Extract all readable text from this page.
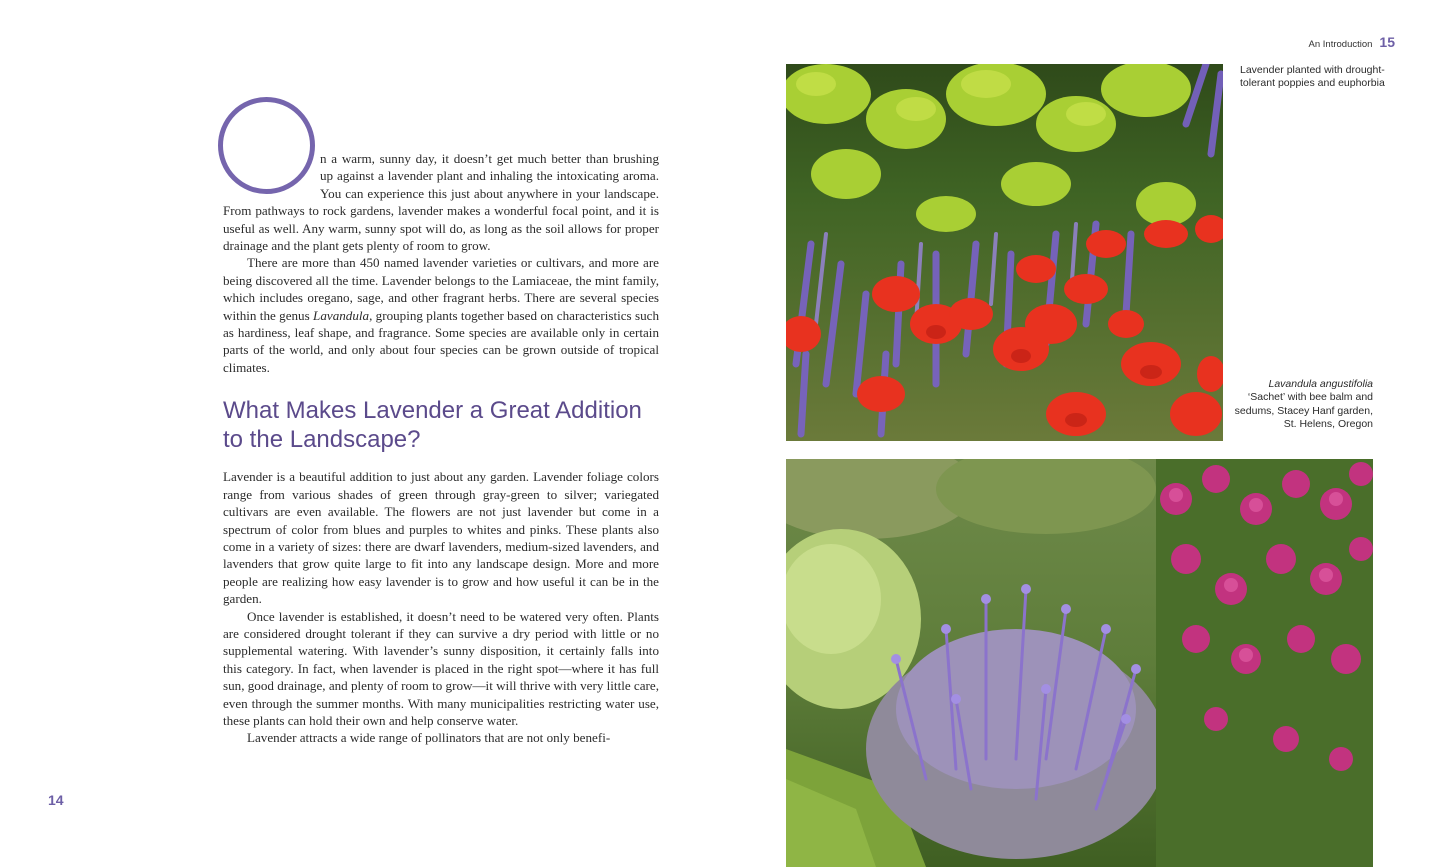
An Introduction 15
14

n a warm, sunny day, it doesn’t get much better than brushing up against a lavender plant and inhaling the intoxicating aroma. You can experience this just about anywhere in your landscape. From pathways to rock gardens, lavender makes a wonderful focal point, and it is useful as well. Any warm, sunny spot will do, as long as the soil allows for proper drainage and the plant gets plenty of room to grow.

There are more than 450 named lavender varieties or cultivars, and more are being discovered all the time. Lavender belongs to the Lamiaceae, the mint family, which includes oregano, sage, and other fragrant herbs. There are several species within the genus Lavandula, grouping plants together based on characteristics such as hardiness, leaf shape, and fragrance. Some species are available only in certain parts of the world, and only about four species can be grown outside of tropical climates.

What Makes Lavender a Great Addition to the Landscape?

Lavender is a beautiful addition to just about any garden. Lavender foliage colors range from various shades of green through gray-green to silver; variegated cultivars are even available. The flowers are not just lavender but come in a spectrum of color from blues and purples to whites and pinks. These plants also come in a variety of sizes: there are dwarf lavenders, medium-sized lavenders, and lavenders that grow quite large to fit into any landscape design. More and more people are realizing how easy lavender is to grow and how useful it can be in the garden.

Once lavender is established, it doesn’t need to be watered very often. Plants are considered drought tolerant if they can survive a dry period with little or no supplemental watering. With lavender’s sunny disposition, it certainly falls into this category. In fact, when lavender is placed in the right spot—where it has full sun, good drainage, and plenty of room to grow—it will thrive with very little care, even through the summer months. With many municipalities restricting water use, these plants can hold their own and help conserve water.

Lavender attracts a wide range of pollinators that are not only benefi-

Lavender planted with drought-tolerant poppies and euphorbia
Lavandula angustifolia
‘Sachet’ with bee balm and sedums, Stacey Hanf garden, St. Helens, Oregon
